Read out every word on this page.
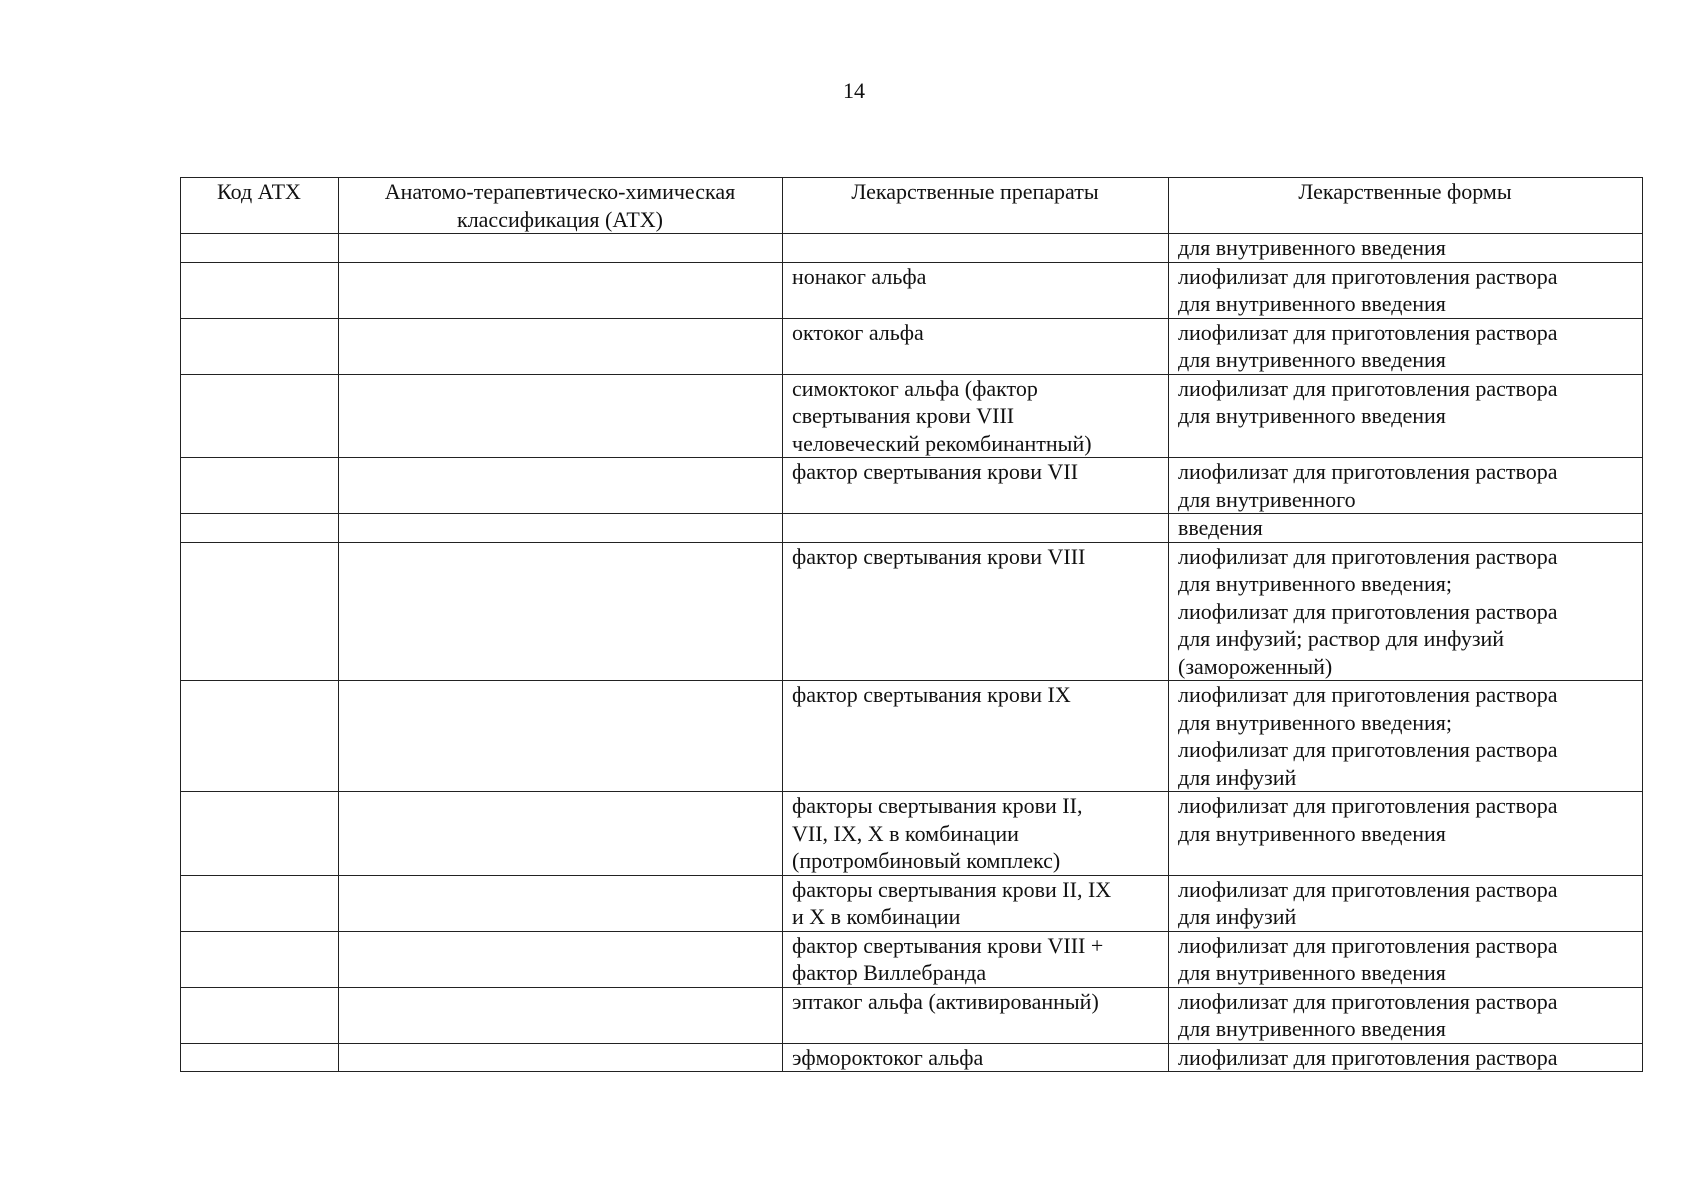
14
Код АТХ	Анатомо-терапевтическо-химическая классификация (АТХ)	Лекарственные препараты	Лекарственные формы
			для внутривенного введения
		нонаког альфа	лиофилизат для приготовления раствора
для внутривенного введения
		октоког альфа	лиофилизат для приготовления раствора
для внутривенного введения
		симоктоког альфа (фактор
свертывания крови VIII
человеческий рекомбинантный)	лиофилизат для приготовления раствора
для внутривенного введения
		фактор свертывания крови VII	лиофилизат для приготовления раствора
для внутривенного
			введения
		фактор свертывания крови VIII	лиофилизат для приготовления раствора
для внутривенного введения;
лиофилизат для приготовления раствора
для инфузий; раствор для инфузий
(замороженный)
		фактор свертывания крови IX	лиофилизат для приготовления раствора
для внутривенного введения;
лиофилизат для приготовления раствора
для инфузий
		факторы свертывания крови II,
VII, IX, X в комбинации
(протромбиновый комплекс)	лиофилизат для приготовления раствора
для внутривенного введения
		факторы свертывания крови II, IX
и X в комбинации	лиофилизат для приготовления раствора
для инфузий
		фактор свертывания крови VIII +
фактор Виллебранда	лиофилизат для приготовления раствора
для внутривенного введения
		эптаког альфа (активированный)	лиофилизат для приготовления раствора
для внутривенного введения
		эфмороктоког альфа	лиофилизат для приготовления раствора
